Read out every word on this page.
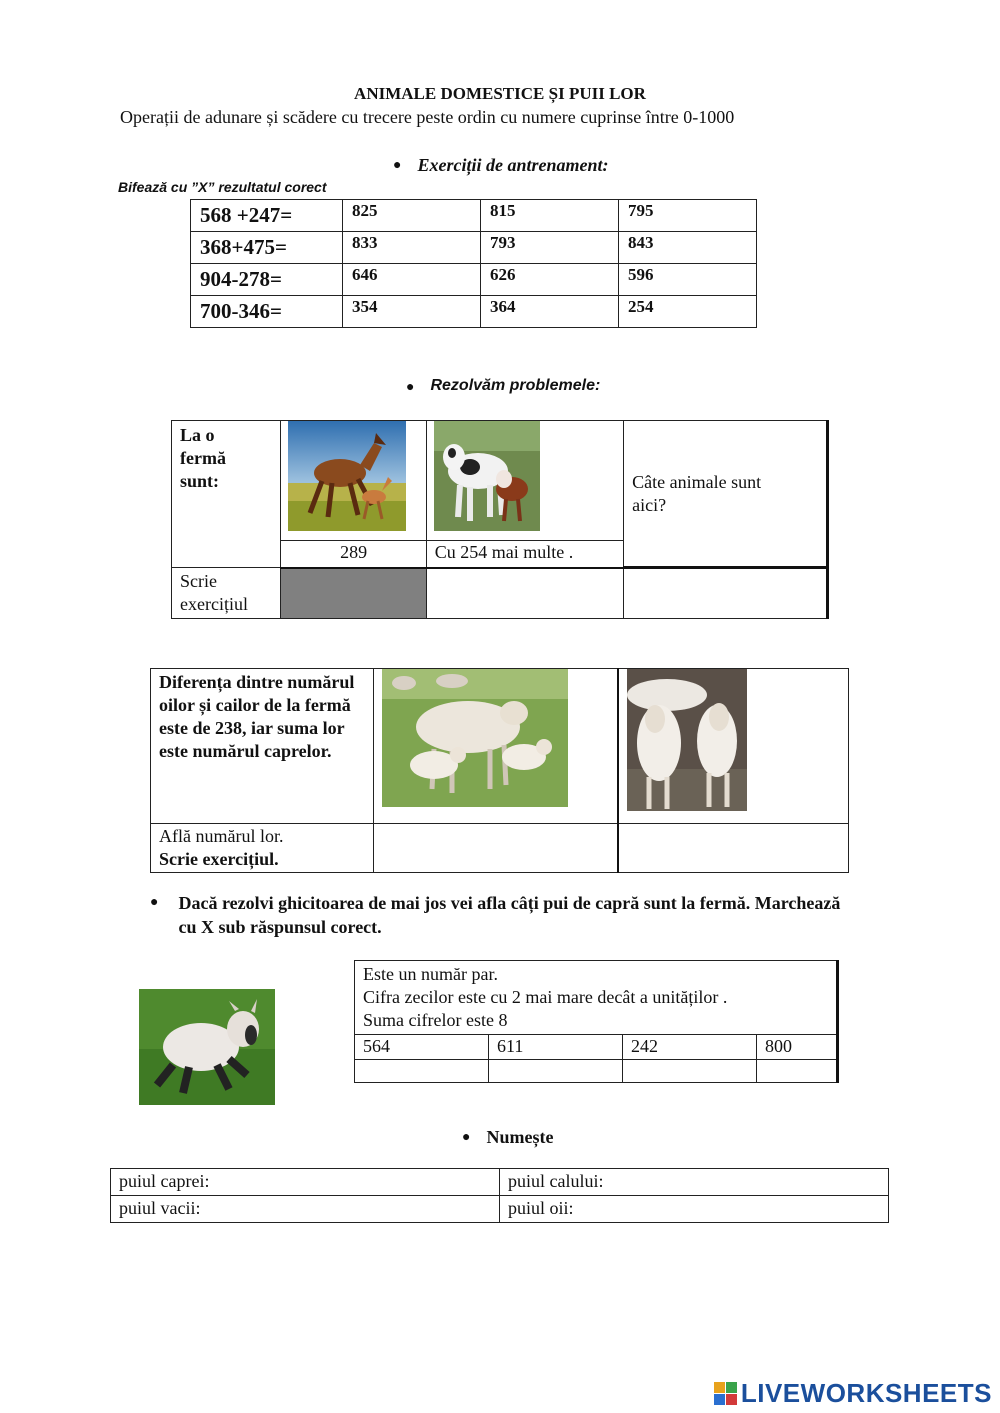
ANIMALE DOMESTICE ȘI PUII LOR
Operații de adunare și scădere cu trecere peste ordin cu numere cuprinse între 0-1000
● Exerciții de antrenament:
Bifează cu ”X” rezultatul corect
568 +247=	825	815	795
368+475=	833	793	843
904-278=	646	626	596
700-346=	354	364	254
● Rezolvăm problemele:
La o fermă sunt:			Câte animale sunt aici?

	289	Cu 254 mai multe .	
Scrie exercițiul			
Diferența dintre numărul oilor și cailor de la fermă este de 238, iar suma lor este numărul caprelor.

Află numărul lor.
Scrie exercițiul.		

● Dacă rezolvi ghicitoarea de mai jos vei afla câți pui de capră sunt la fermă. Marchează cu X sub răspunsul corect.
Este un număr par.
Cifra zecilor este cu 2 mai mare decât a unităților .
Suma cifrelor este 8			

564	611	242	800

● Numește
puiul caprei:	puiul calului:
puiul vacii:	puiul oii:
LIVEWORKSHEETS
